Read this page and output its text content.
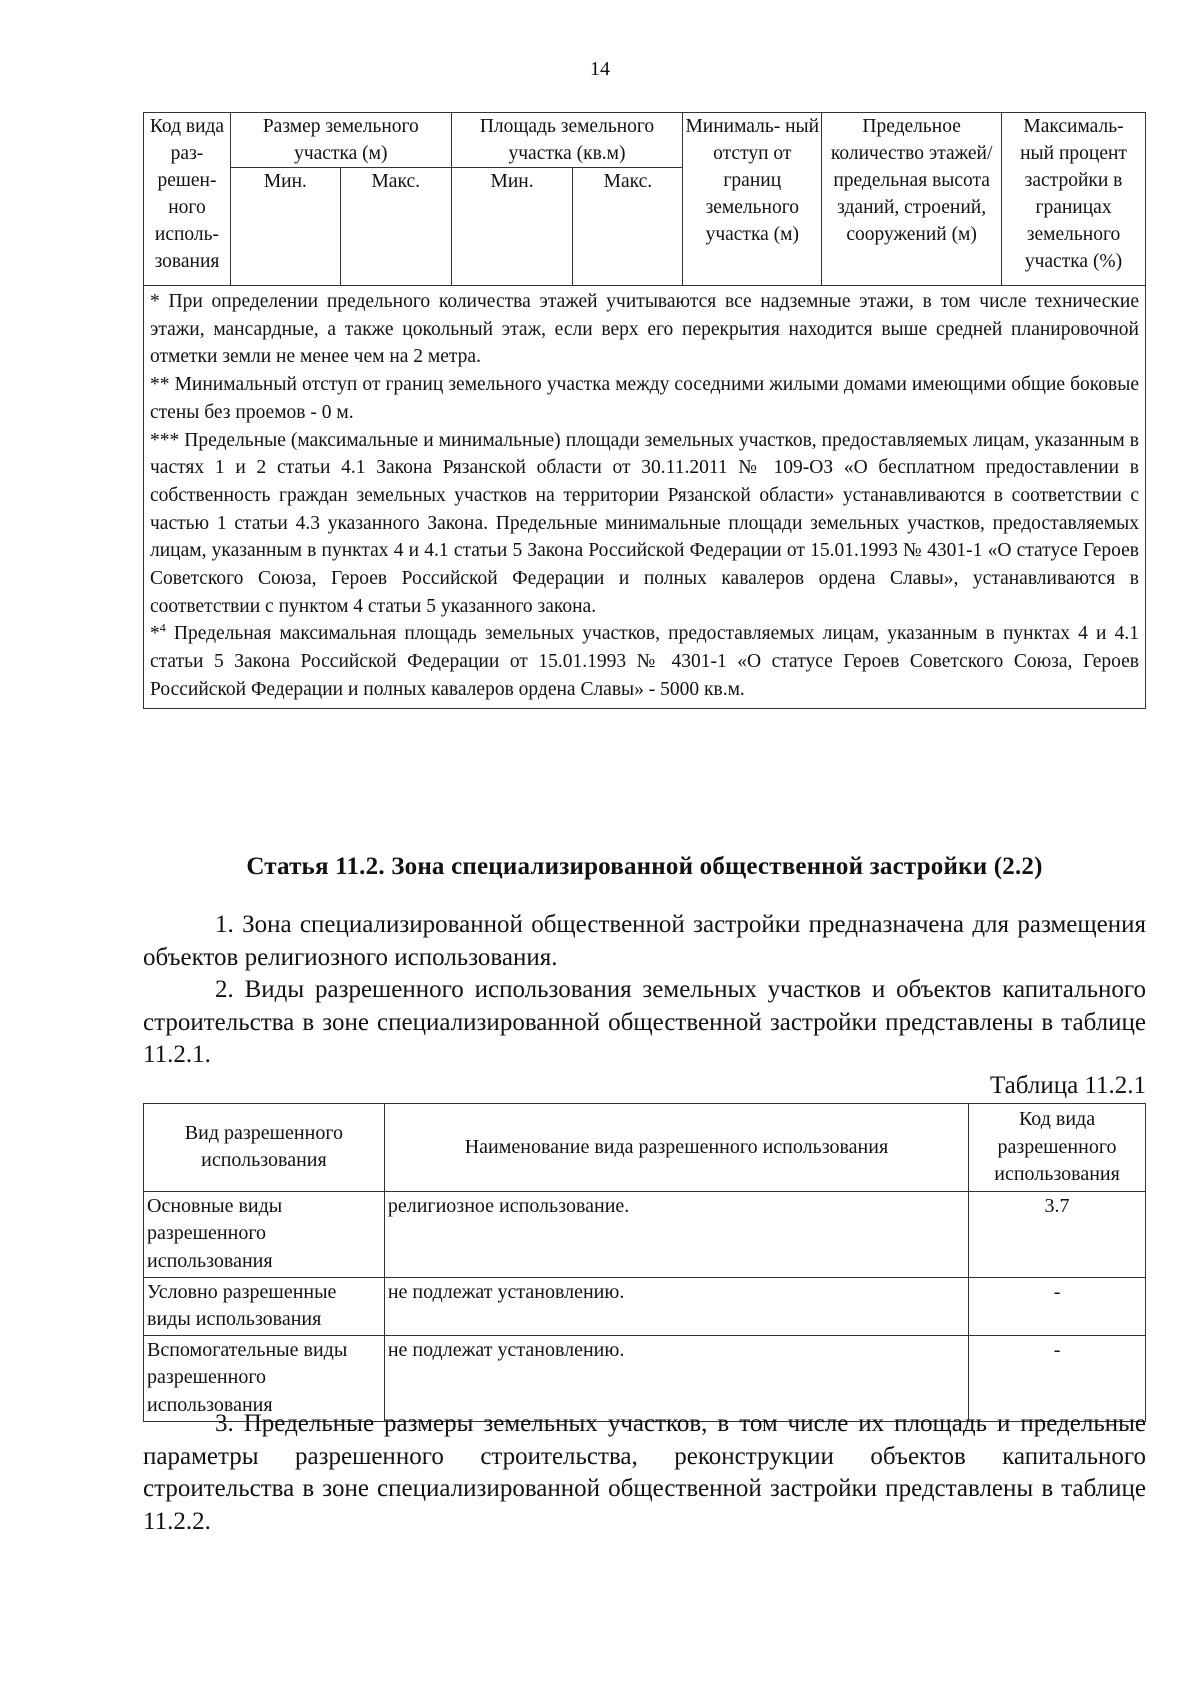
14
Код вида раз- решен- ного исполь- зования	Размер земельного участка (м)		Площадь земельного участка (кв.м)		Минималь- ный отступ от границ земельного участка (м)	Предельное количество этажей/ предельная высота зданий, строений, сооружений (м)	Максималь- ный процент застройки в границах земельного участка (%)
	Мин.	Макс.	Мин.	Макс.			

* При определении предельного количества этажей учитываются все надземные этажи, в том числе технические этажи, мансардные, а также цокольный этаж, если верх его перекрытия находится выше средней планировочной отметки земли не менее чем на 2 метра.

** Минимальный отступ от границ земельного участка между соседними жилыми домами имеющими общие боковые стены без проемов - 0 м.

*** Предельные (максимальные и минимальные) площади земельных участков, предоставляемых лицам, указанным в частях 1 и 2 статьи 4.1 Закона Рязанской области от 30.11.2011 № 109-ОЗ «О бесплатном предоставлении в собственность граждан земельных участков на территории Рязанской области» устанавливаются в соответствии с частью 1 статьи 4.3 указанного Закона. Предельные минимальные площади земельных участков, предоставляемых лицам, указанным в пунктах 4 и 4.1 статьи 5 Закона Российской Федерации от 15.01.1993 № 4301-1 «О статусе Героев Советского Союза, Героев Российской Федерации и полных кавалеров ордена Славы», устанавливаются в соответствии с пунктом 4 статьи 5 указанного закона.

*$^4$ Предельная максимальная площадь земельных участков, предоставляемых лицам, указанным в пунктах 4 и 4.1 статьи 5 Закона Российской Федерации от 15.01.1993 № 4301-1 «О статусе Героев Советского Союза, Героев Российской Федерации и полных кавалеров ордена Славы» - 5000 кв.м.							

Статья 11.2. Зона специализированной общественной застройки (2.2)

1. Зона специализированной общественной застройки предназначена для размещения объектов религиозного использования.

2. Виды разрешенного использования земельных участков и объектов капитального строительства в зоне специализированной общественной застройки представлены в таблице 11.2.1.

Таблица 11.2.1
Вид разрешенного использования	Наименование вида разрешенного использования	Код вида разрешенного использования
Основные виды разрешенного использования	религиозное использование.	3.7
Условно разрешенные виды использования	не подлежат установлению.	-
Вспомогательные виды разрешенного использования	не подлежат установлению.	-

3. Предельные размеры земельных участков, в том числе их площадь и предельные параметры разрешенного строительства, реконструкции объектов капитального строительства в зоне специализированной общественной застройки представлены в таблице 11.2.2.
